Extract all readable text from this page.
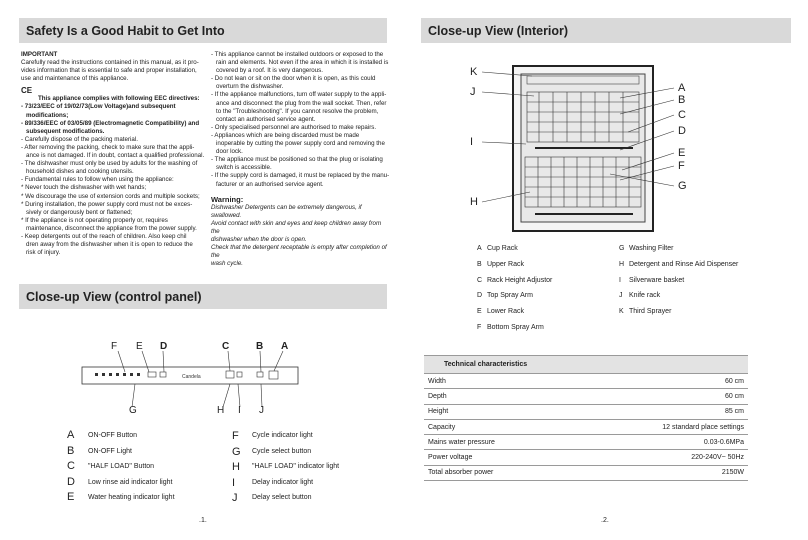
Safety Is a Good Habit to Get Into

IMPORTANT

Carefully read the instructions contained in this manual, as it pro-

vides information that is essential to safe and proper installation,

use and maintenance of this appliance.

CE

This appliance complies with following EEC directives:

- 73/23/EEC of 19/02/73(Low Voltage)and subsequent

modifications;

- 89/336/EEC of 03/05/89 (Electromagnetic Compatibility) and

subsequent modifications.

- Carefully dispose of the packing material.

- After removing the packing, check to make sure that the appli-

ance is not damaged. If in doubt, contact a qualified professional.

- The dishwasher must only be used by adults for the washing of

household dishes and cooking utensils.

- Fundamental rules to follow when using the appliance:

* Never touch the dishwasher with wet hands;

* We discourage the use of extension cords and multiple sockets;

* During installation, the power supply cord must not be exces-

sively or dangerously bent or flattened;

* If the appliance is not operating properly or, requires

maintenance, disconnect the appliance from the power supply.

- Keep detergents out of the reach of children. Also keep chil

dren away from the dishwasher when it is open to reduce the

risk of injury.

- This appliance cannot be installed outdoors or exposed to the

rain and elements. Not even if the area in which it is installed is

covered by a roof. It is very dangerous.

- Do not lean or sit on the door when it is open, as this could

overturn the dishwasher.

- If the appliance malfunctions, turn off water supply to the appli-

ance and disconnect the plug from the wall socket. Then, refer

to the "Troubleshooting". If you cannot resolve the problem,

contact an authorised service agent.

- Only specialised personnel are authorised to make repairs.

- Appliances which are being discarded must be made

inoperable by cutting the power supply cord and removing the

door lock.

- The appliance must be positioned so that the plug or isolating

switch is accessible.

- If the supply cord is damaged, it must be replaced by the manu-

facturer or an authorised service agent.

Warning:

Dishwasher Detergents can be extremely dangerous, if swallowed.

Avoid contact with skin and eyes and keep children away from the

dishwasher when the door is open.

Check that the detergent receptable is empty after completion of the

wash cycle.

Close-up View (control panel)
Candela
F E D	C	B A
G	H I J
A ON-OFF Button
B ON-OFF Light
C "HALF LOAD" Button
D Low rinse aid indicator light
E Water heating indicator light
F Cycle indicator light
G Cycle select button
H "HALF LOAD" indicator light
I Delay indicator light
J Delay select button
.1.
Close-up View (Interior)
K
J
I
H
A
B
C
D
E
F
G
A Cup Rack
B Upper Rack
C Rack Height Adjustor
D Top Spray Arm
E Lower Rack
F Bottom Spray Arm
G Washing Filter
H Detergent and Rinse Aid Dispenser
I Silverware basket
J Knife rack
K Third Sprayer
Technical characteristics	
Width	60 cm
Depth	60 cm
Height	85 cm
Capacity	12 standard place settings
Mains water pressure	0.03-0.6MPa
Power voltage	220-240V~ 50Hz
Total absorber power	2150W
.2.
